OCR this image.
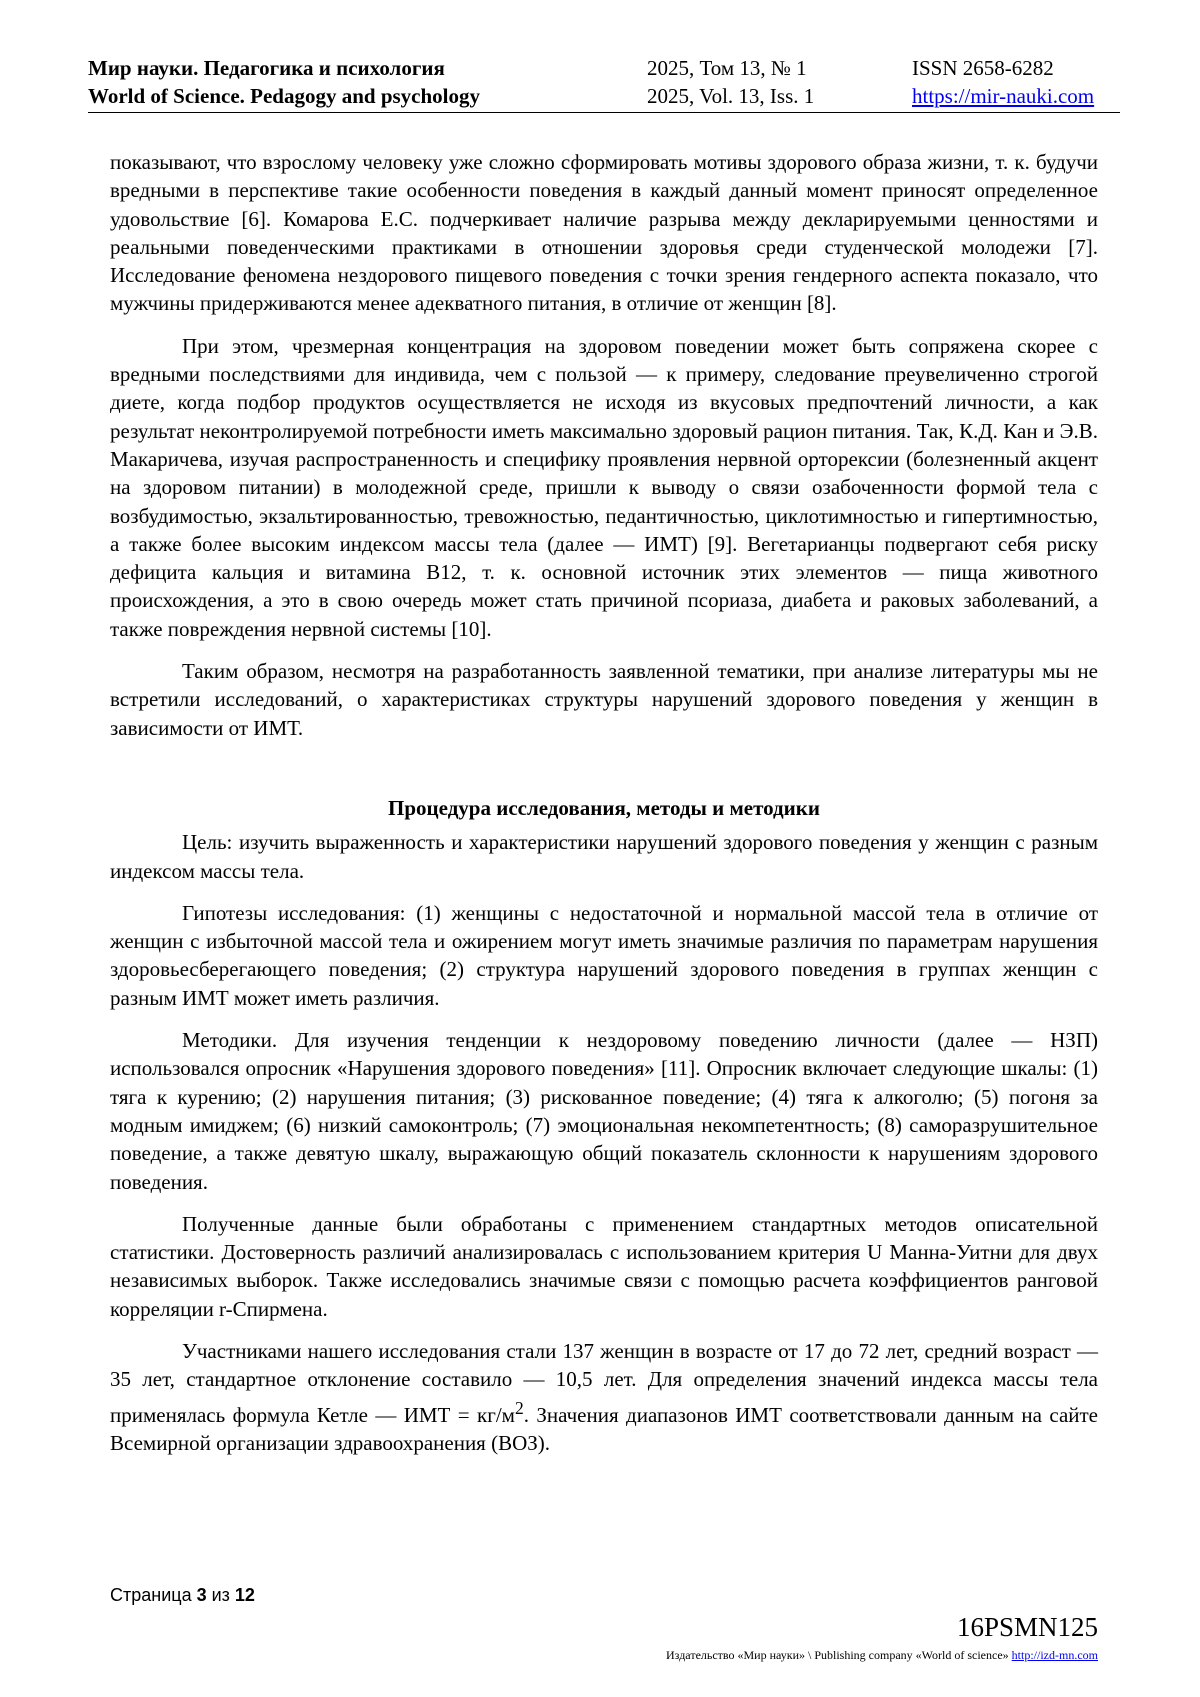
Мир науки. Педагогика и психология
World of Science. Pedagogy and psychology
2025, Том 13, № 1
2025, Vol. 13, Iss. 1
ISSN 2658-6282
https://mir-nauki.com

показывают, что взрослому человеку уже сложно сформировать мотивы здорового образа жизни, т. к. будучи вредными в перспективе такие особенности поведения в каждый данный момент приносят определенное удовольствие [6]. Комарова Е.С. подчеркивает наличие разрыва между декларируемыми ценностями и реальными поведенческими практиками в отношении здоровья среди студенческой молодежи [7]. Исследование феномена нездорового пищевого поведения с точки зрения гендерного аспекта показало, что мужчины придерживаются менее адекватного питания, в отличие от женщин [8].

При этом, чрезмерная концентрация на здоровом поведении может быть сопряжена скорее с вредными последствиями для индивида, чем с пользой — к примеру, следование преувеличенно строгой диете, когда подбор продуктов осуществляется не исходя из вкусовых предпочтений личности, а как результат неконтролируемой потребности иметь максимально здоровый рацион питания. Так, К.Д. Кан и Э.В. Макаричева, изучая распространенность и специфику проявления нервной орторексии (болезненный акцент на здоровом питании) в молодежной среде, пришли к выводу о связи озабоченности формой тела с возбудимостью, экзальтированностью, тревожностью, педантичностью, циклотимностью и гипертимностью, а также более высоким индексом массы тела (далее — ИМТ) [9]. Вегетарианцы подвергают себя риску дефицита кальция и витамина B12, т. к. основной источник этих элементов — пища животного происхождения, а это в свою очередь может стать причиной псориаза, диабета и раковых заболеваний, а также повреждения нервной системы [10].

Таким образом, несмотря на разработанность заявленной тематики, при анализе литературы мы не встретили исследований, о характеристиках структуры нарушений здорового поведения у женщин в зависимости от ИМТ.

Процедура исследования, методы и методики

Цель: изучить выраженность и характеристики нарушений здорового поведения у женщин с разным индексом массы тела.

Гипотезы исследования: (1) женщины с недостаточной и нормальной массой тела в отличие от женщин с избыточной массой тела и ожирением могут иметь значимые различия по параметрам нарушения здоровьесберегающего поведения; (2) структура нарушений здорового поведения в группах женщин с разным ИМТ может иметь различия.

Методики. Для изучения тенденции к нездоровому поведению личности (далее — НЗП) использовался опросник «Нарушения здорового поведения» [11]. Опросник включает следующие шкалы: (1) тяга к курению; (2) нарушения питания; (3) рискованное поведение; (4) тяга к алкоголю; (5) погоня за модным имиджем; (6) низкий самоконтроль; (7) эмоциональная некомпетентность; (8) саморазрушительное поведение, а также девятую шкалу, выражающую общий показатель склонности к нарушениям здорового поведения.

Полученные данные были обработаны с применением стандартных методов описательной статистики. Достоверность различий анализировалась с использованием критерия U Манна-Уитни для двух независимых выборок. Также исследовались значимые связи с помощью расчета коэффициентов ранговой корреляции r-Спирмена.

Участниками нашего исследования стали 137 женщин в возрасте от 17 до 72 лет, средний возраст — 35 лет, стандартное отклонение составило — 10,5 лет. Для определения значений индекса массы тела применялась формула Кетле — ИМТ = $кг/м^2$. Значения диапазонов ИМТ соответствовали данным на сайте Всемирной организации здравоохранения (ВОЗ).

Страница 3 из 12
16PSMN125
Издательство «Мир науки» \ Publishing company «World of science» http://izd-mn.com
